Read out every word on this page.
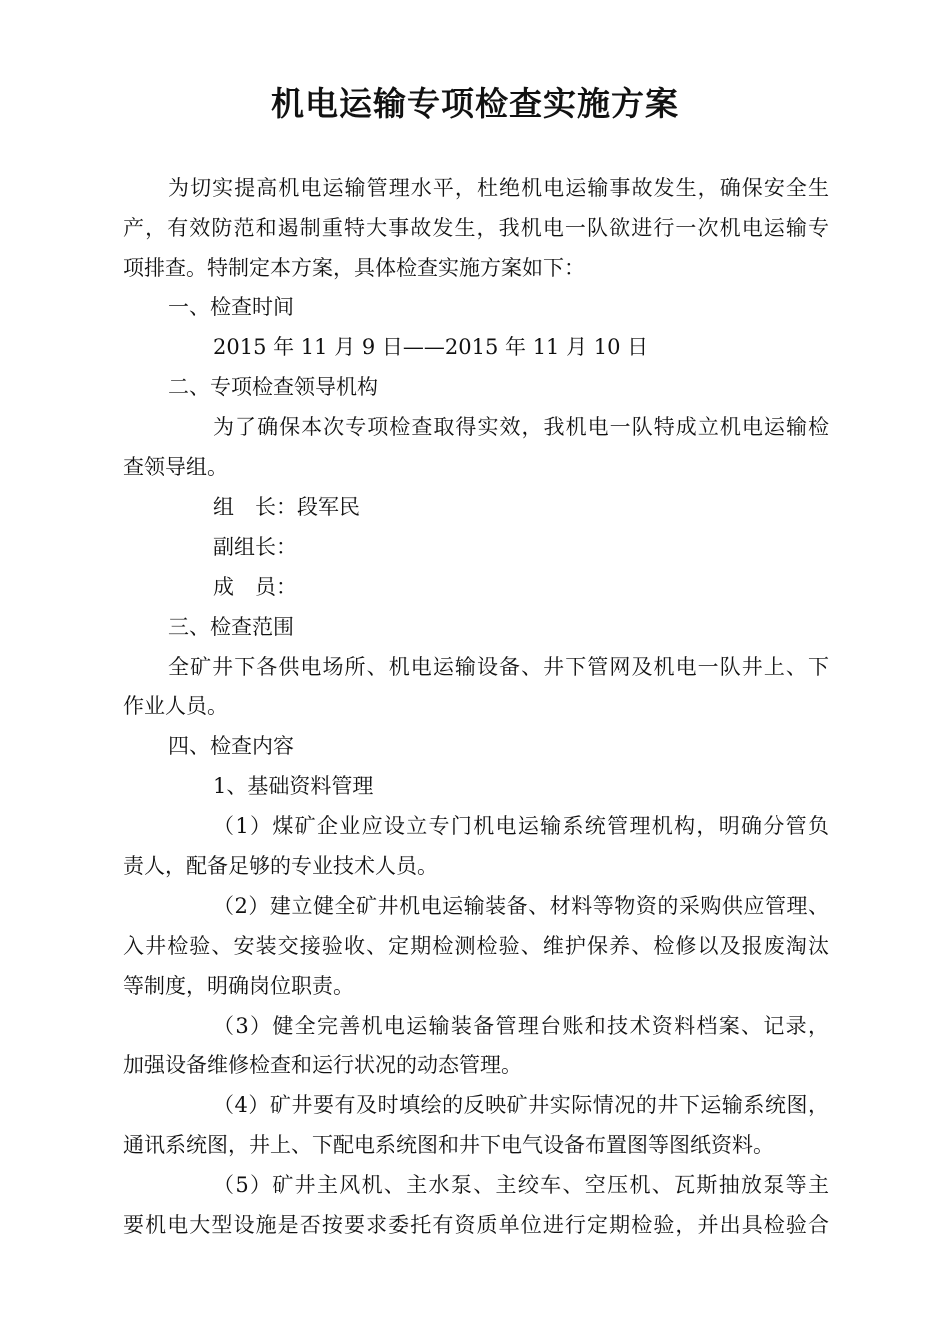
机电运输专项检查实施方案
为切实提高机电运输管理水平，杜绝机电运输事故发生，确保安全生
产，有效防范和遏制重特大事故发生，我机电一队欲进行一次机电运输专
项排查。特制定本方案，具体检查实施方案如下：
一、检查时间
2015 年 11 月 9 日——2015 年 11 月 10 日
二、专项检查领导机构
为了确保本次专项检查取得实效，我机电一队特成立机电运输检
查领导组。
组　长：段军民
副组长：
成　员：
三、检查范围
全矿井下各供电场所、机电运输设备、井下管网及机电一队井上、下
作业人员。
四、检查内容
1、基础资料管理
（1）煤矿企业应设立专门机电运输系统管理机构，明确分管负
责人，配备足够的专业技术人员。
（2）建立健全矿井机电运输装备、材料等物资的采购供应管理、
入井检验、安装交接验收、定期检测检验、维护保养、检修以及报废淘汰
等制度，明确岗位职责。
（3）健全完善机电运输装备管理台账和技术资料档案、记录，
加强设备维修检查和运行状况的动态管理。
（4）矿井要有及时填绘的反映矿井实际情况的井下运输系统图，
通讯系统图，井上、下配电系统图和井下电气设备布置图等图纸资料。
（5）矿井主风机、主水泵、主绞车、空压机、瓦斯抽放泵等主
要机电大型设施是否按要求委托有资质单位进行定期检验，并出具检验合
